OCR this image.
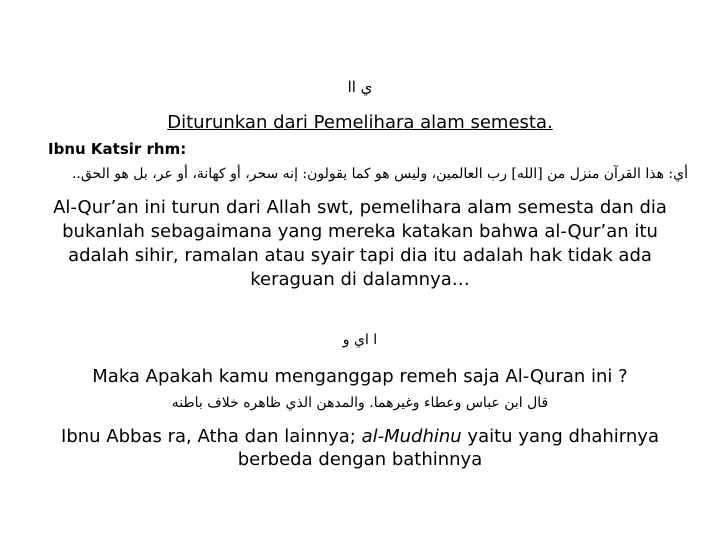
ي اا
Diturunkan dari Pemelihara alam semesta.
Ibnu Katsir rhm:
أي: هذا القرآن منزل من [الله] رب العالمين، وليس هو كما يقولون: إنه سحر، أو كهانة، أو عر، بل هو الحق..
Al-Qur’an ini turun dari Allah swt, pemelihara alam semesta dan dia bukanlah sebagaimana yang mereka katakan bahwa al-Qur’an itu adalah sihir, ramalan atau syair tapi dia itu adalah hak tidak ada keraguan di dalamnya…
ا اي و
Maka Apakah kamu menganggap remeh saja Al-Quran ini ?
قال ابن عباس وعطاء وغيرهما. والمدهن الذي ظاهره خلاف باطنه
Ibnu Abbas ra, Atha dan lainnya; al-Mudhinu yaitu yang dhahirnya berbeda dengan bathinnya
